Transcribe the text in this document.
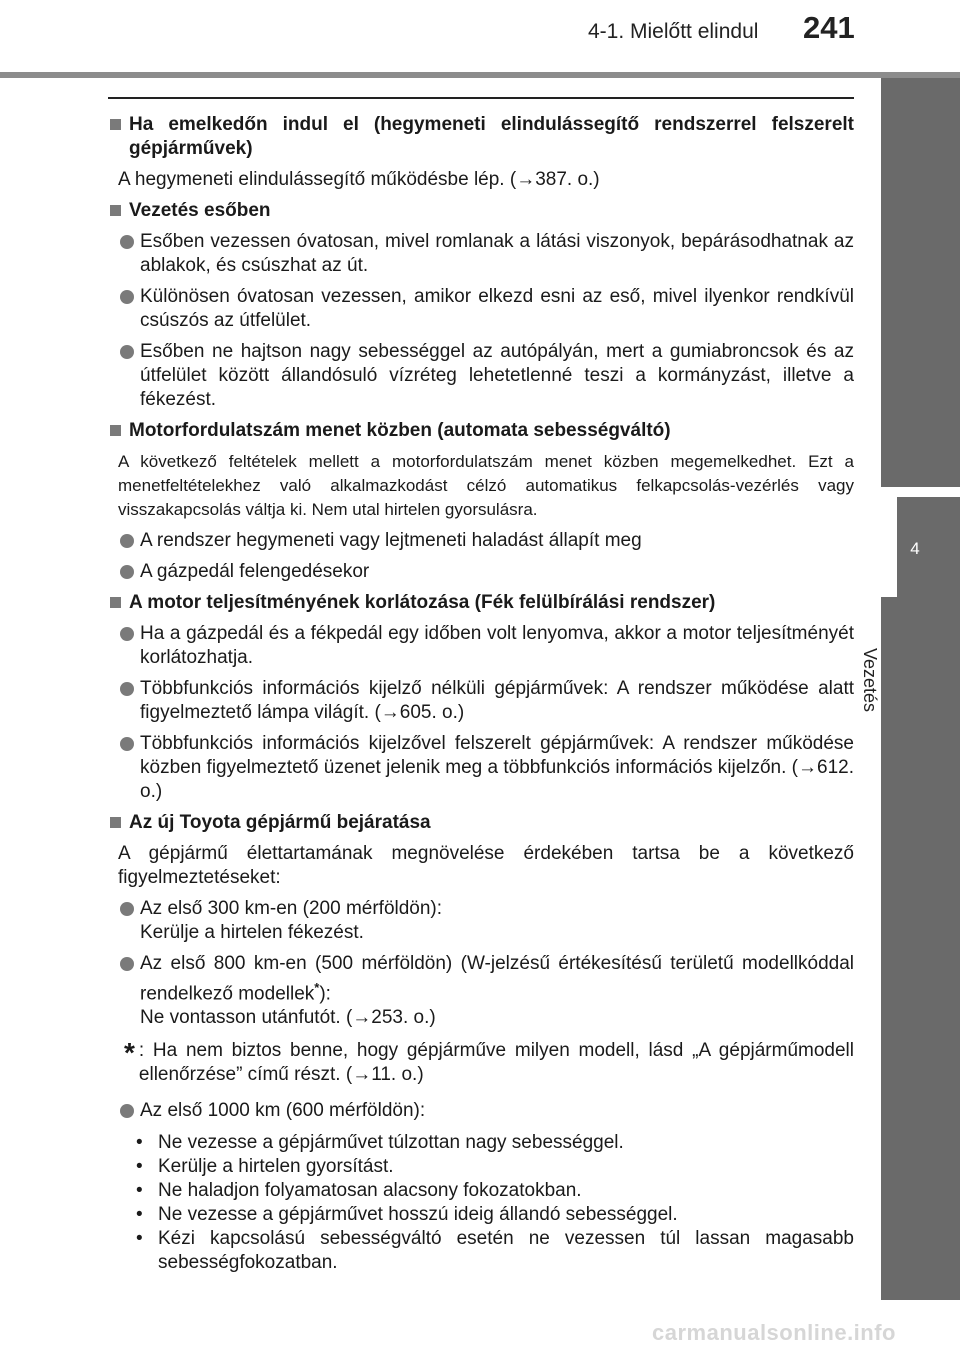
4-1. Mielőtt elindul 241
4
Vezetés
Ha emelkedőn indul el (hegymeneti elindulássegítő rendszerrel felszerelt gépjárművek)
A hegymeneti elindulássegítő működésbe lép. (→387. o.)
Vezetés esőben
Esőben vezessen óvatosan, mivel romlanak a látási viszonyok, bepárásodhatnak az ablakok, és csúszhat az út.
Különösen óvatosan vezessen, amikor elkezd esni az eső, mivel ilyenkor rendkívül csúszós az útfelület.
Esőben ne hajtson nagy sebességgel az autópályán, mert a gumiabroncsok és az útfelület között állandósuló vízréteg lehetetlenné teszi a kormányzást, illetve a fékezést.
Motorfordulatszám menet közben (automata sebességváltó)
A következő feltételek mellett a motorfordulatszám menet közben megemelkedhet. Ezt a menetfeltételekhez való alkalmazkodást célzó automatikus felkapcsolás-vezérlés vagy visszakapcsolás váltja ki. Nem utal hirtelen gyorsulásra.
A rendszer hegymeneti vagy lejtmeneti haladást állapít meg
A gázpedál felengedésekor
A motor teljesítményének korlátozása (Fék felülbírálási rendszer)
Ha a gázpedál és a fékpedál egy időben volt lenyomva, akkor a motor teljesítményét korlátozhatja.
Többfunkciós információs kijelző nélküli gépjárművek: A rendszer működése alatt figyelmeztető lámpa világít. (→605. o.)
Többfunkciós információs kijelzővel felszerelt gépjárművek: A rendszer működése közben figyelmeztető üzenet jelenik meg a többfunkciós információs kijelzőn. (→612. o.)
Az új Toyota gépjármű bejáratása
A gépjármű élettartamának megnövelése érdekében tartsa be a következő figyelmeztetéseket:
Az első 300 km-en (200 mérföldön):
Kerülje a hirtelen fékezést.
Az első 800 km-en (500 mérföldön) (W-jelzésű értékesítésű területű modellkóddal rendelkező modellek*):
Ne vontasson utánfutót. (→253. o.)
* : Ha nem biztos benne, hogy gépjárműve milyen modell, lásd „A gépjárműmodell ellenőrzése” című részt. (→11. o.)
Az első 1000 km (600 mérföldön):
• Ne vezesse a gépjárművet túlzottan nagy sebességgel.
• Kerülje a hirtelen gyorsítást.
• Ne haladjon folyamatosan alacsony fokozatokban.
• Ne vezesse a gépjárművet hosszú ideig állandó sebességgel.
• Kézi kapcsolású sebességváltó esetén ne vezessen túl lassan magasabb sebességfokozatban.
carmanualsonline.info
